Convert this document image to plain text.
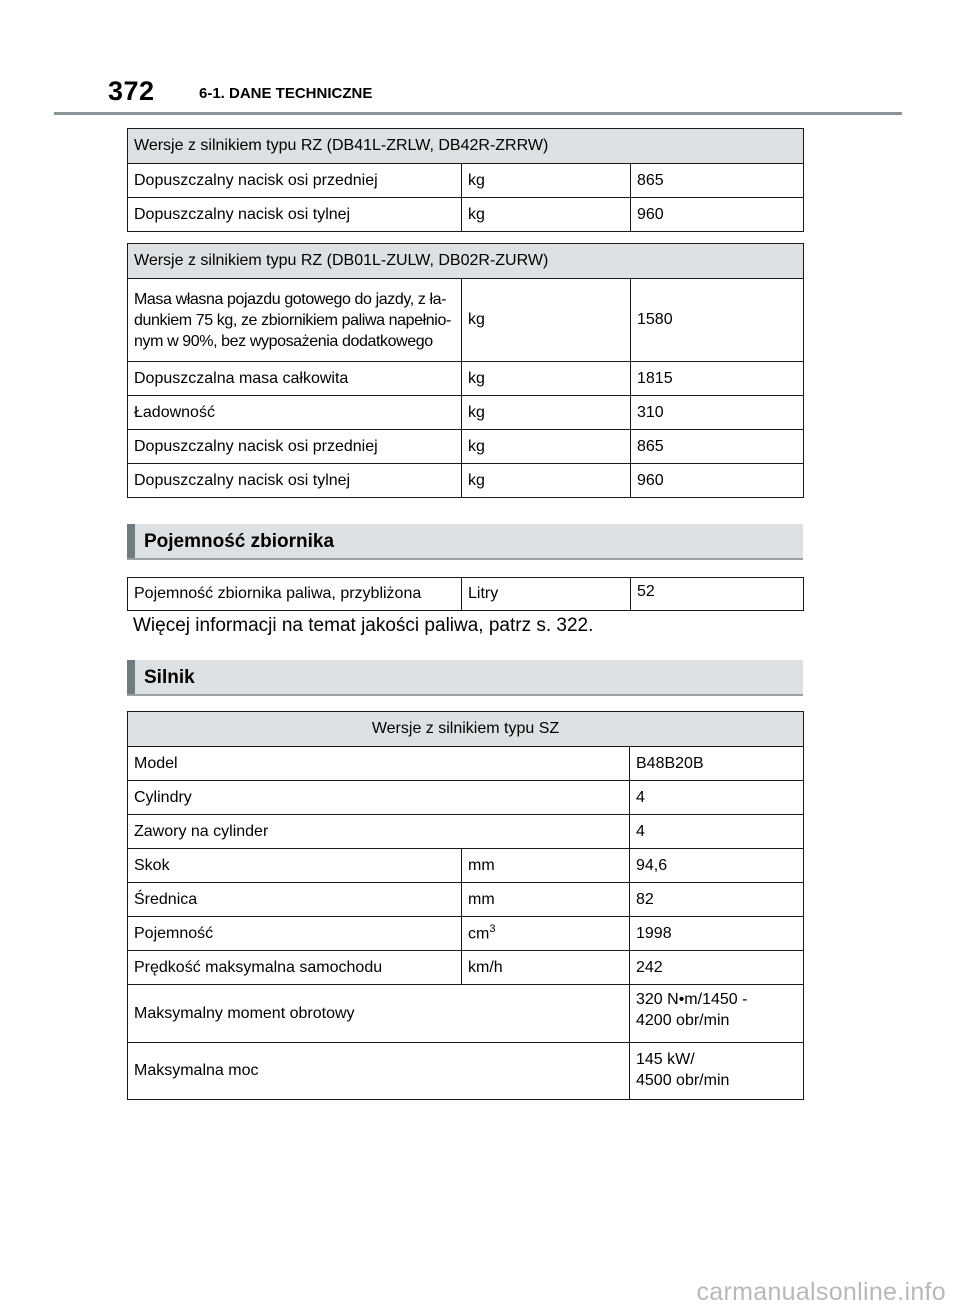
372	6-1. DANE TECHNICZNE
Wersje z silnikiem typu RZ (DB41L-ZRLW, DB42R-ZRRW)		
Dopuszczalny nacisk osi przedniej	kg	865
Dopuszczalny nacisk osi tylnej	kg	960
Wersje z silnikiem typu RZ (DB01L-ZULW, DB02R-ZURW)		

Masa własna pojazdu gotowego do jazdy, z ła-
dunkiem 75 kg, ze zbiornikiem paliwa napełnio-
nym w 90%, bez wyposażenia dodatkowego	kg	1580
Dopuszczalna masa całkowita	kg	1815
Ładowność	kg	310
Dopuszczalny nacisk osi przedniej	kg	865
Dopuszczalny nacisk osi tylnej	kg	960
Pojemność zbiornika
Pojemność zbiornika paliwa, przybliżona	Litry	52
Więcej informacji na temat jakości paliwa, patrz s. 322.
Silnik
Wersje z silnikiem typu SZ		
Model		B48B20B
Cylindry		4
Zawory na cylinder		4
Skok	mm	94,6
Średnica	mm	82
Pojemność	$cm^3$	1998
Prędkość maksymalna samochodu	km/h	242
Maksymalny moment obrotowy		320 N•m/1450 -
4200 obr/min

Maksymalna moc		145 kW/
4500 obr/min
carmanualsonline.info
